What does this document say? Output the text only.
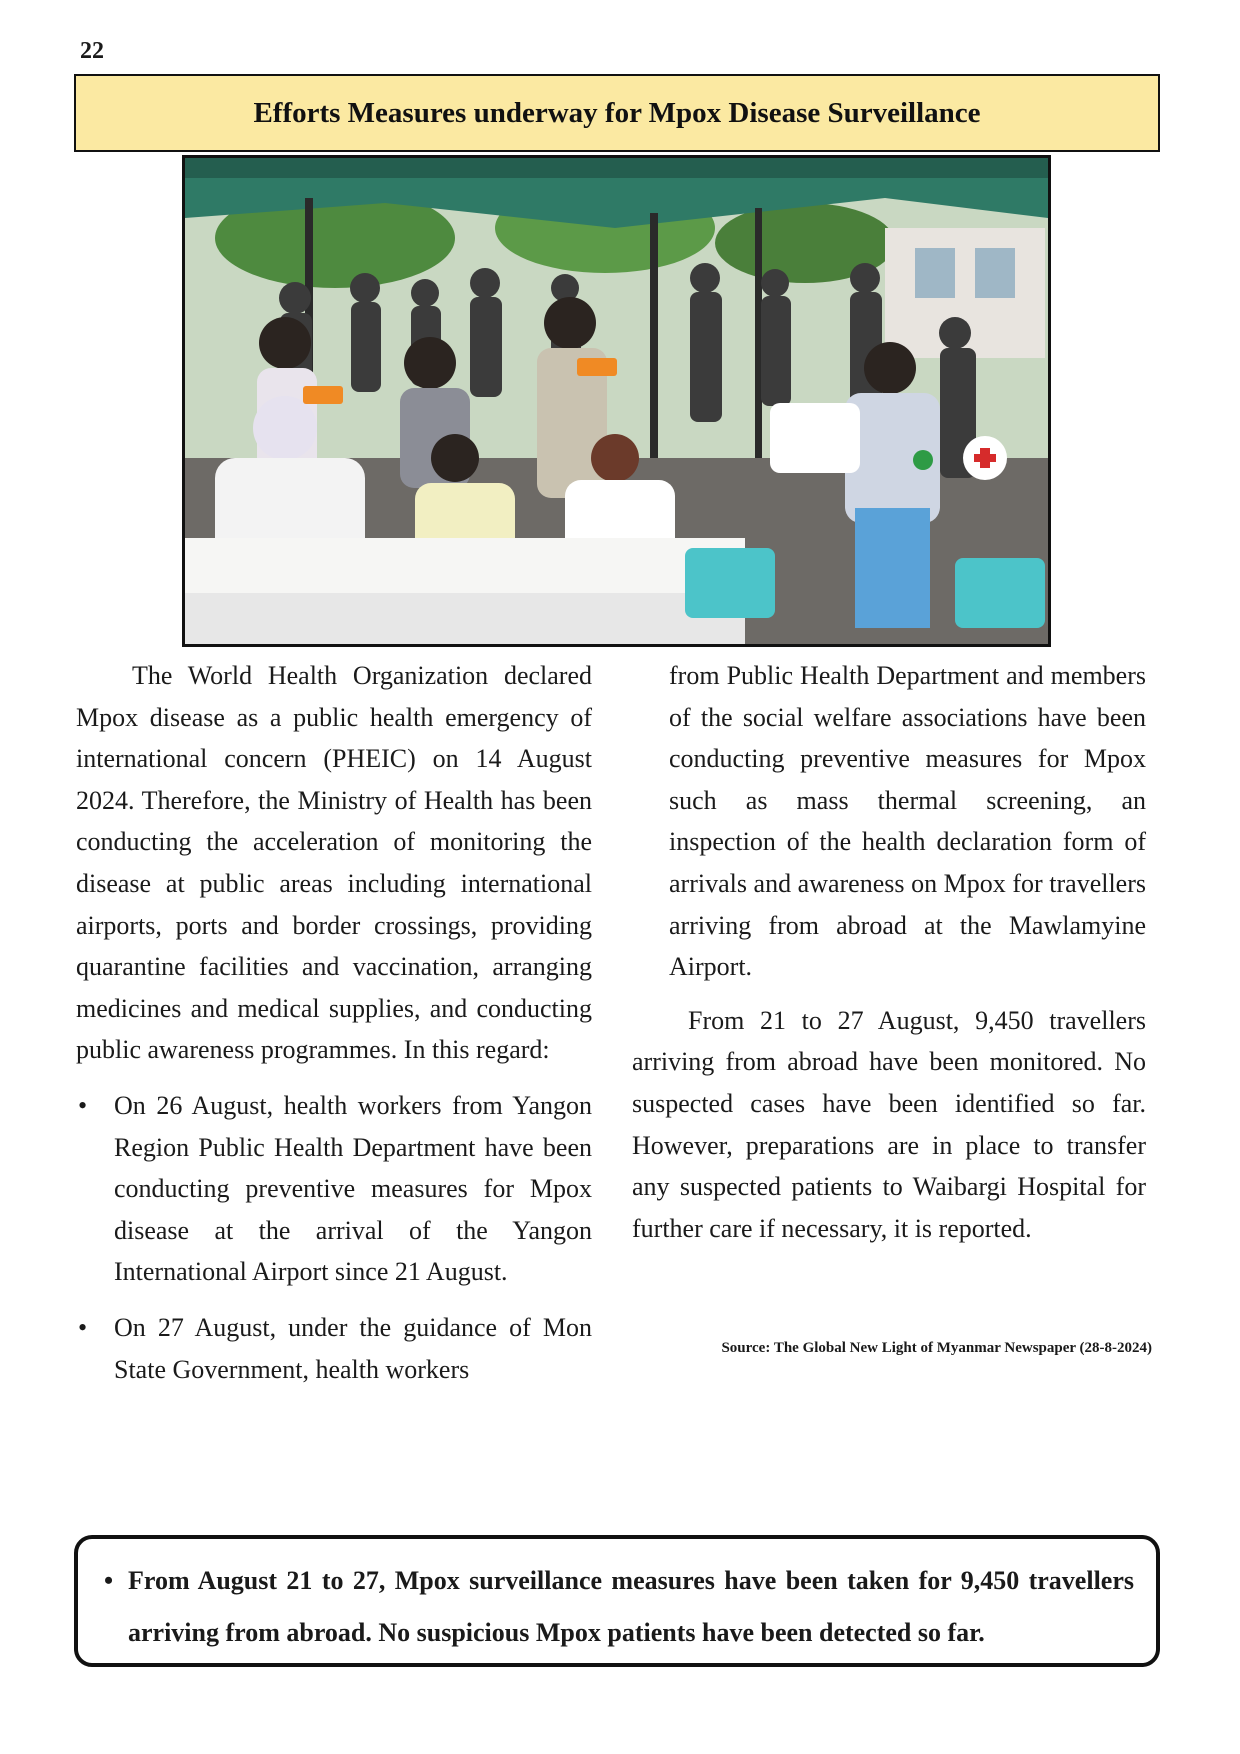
22
Efforts Measures underway for Mpox Disease Surveillance

The World Health Organization declared Mpox disease as a public health emergency of international concern (PHEIC) on 14 August 2024. Therefore, the Ministry of Health has been conducting the acceleration of monitoring the disease at public areas including international airports, ports and border crossings, providing quarantine facilities and vaccination, arranging medicines and medical supplies, and conducting public awareness programmes. In this regard:

• On 26 August, health workers from Yangon Region Public Health Department have been conducting preventive measures for Mpox disease at the arrival of the Yangon International Airport since 21 August.
• On 27 August, under the guidance of Mon State Government, health workers

from Public Health Department and members of the social welfare associations have been conducting preventive measures for Mpox such as mass thermal screening, an inspection of the health declaration form of arrivals and awareness on Mpox for travellers arriving from abroad at the Mawlamyine Airport.

From 21 to 27 August, 9,450 travellers arriving from abroad have been monitored. No suspected cases have been identified so far. However, preparations are in place to transfer any suspected patients to Waibargi Hospital for further care if necessary, it is reported.

Source: The Global New Light of Myanmar Newspaper (28-8-2024)
• From August 21 to 27, Mpox surveillance measures have been taken for 9,450 travellers arriving from abroad. No suspicious Mpox patients have been detected so far.
